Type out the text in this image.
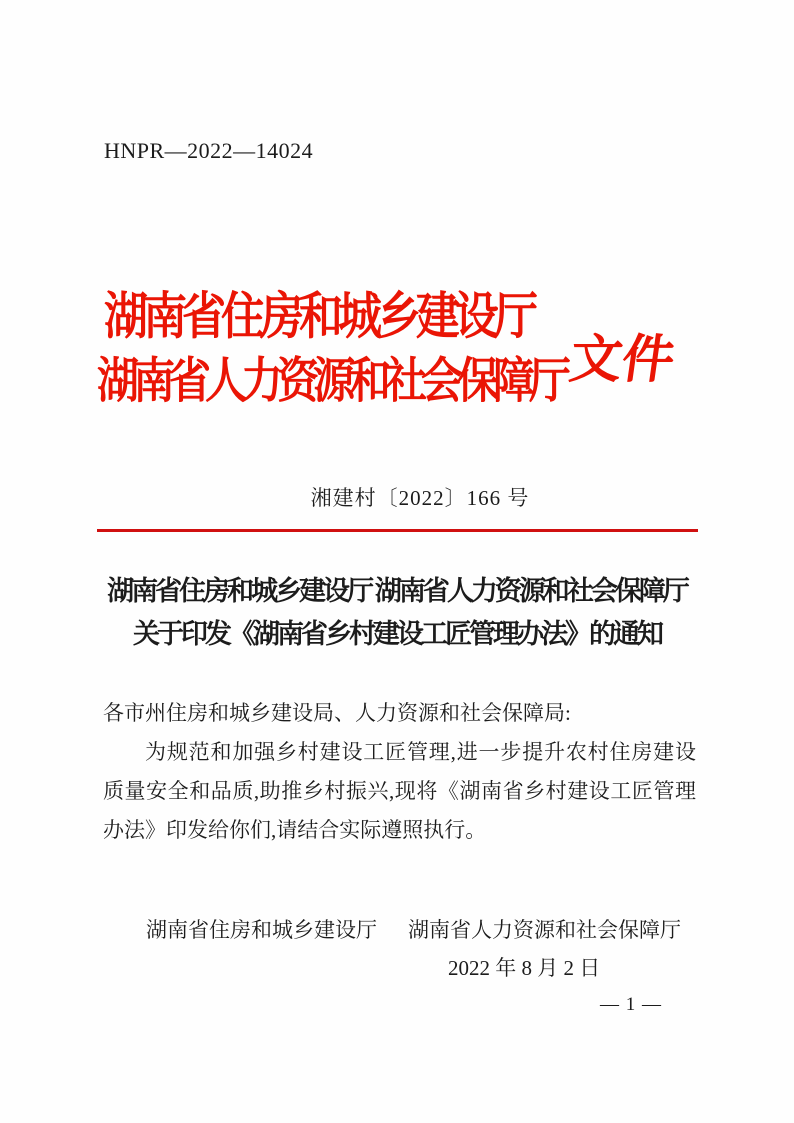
HNPR—2022—14024
湖南省住房和城乡建设厅
湖南省人力资源和社会保障厅 文件
湘建村〔2022〕166 号
湖南省住房和城乡建设厅 湖南省人力资源和社会保障厅
关于印发《湖南省乡村建设工匠管理办法》的通知

各市州住房和城乡建设局、人力资源和社会保障局:

为规范和加强乡村建设工匠管理,进一步提升农村住房建设质量安全和品质,助推乡村振兴,现将《湖南省乡村建设工匠管理办法》印发给你们,请结合实际遵照执行。

湖南省住房和城乡建设厅 湖南省人力资源和社会保障厅
2022 年 8 月 2 日
— 1 —
